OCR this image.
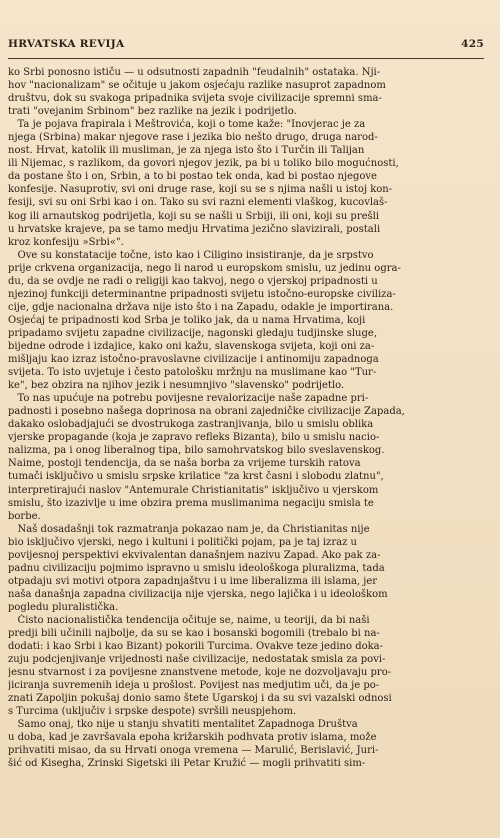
HRVATSKA REVIJA	425
ko Srbi ponosno ističu — u odsutnosti zapadnih "feudalnih" ostataka. Nji-
hov "nacionalizam" se očituje u jakom osjećaju razlike nasuprot zapadnom
društvu, dok su svakoga pripadnika svijeta svoje civilizacije spremni sma-
trati "ovejanim Srbinom" bez razlike na jezik i podrijetlo.
Ta je pojava frapirala i Meštrovića, koji o tome kaže: "Inovjerac je za
njega (Srbina) makar njegove rase i jezika bio nešto drugo, druga narod-
nost. Hrvat, katolik ili musliman, je za njega isto što i Turčin ili Talijan
ili Nijemac, s razlikom, da govori njegov jezik, pa bi u toliko bilo mogućnosti,
da postane što i on, Srbin, a to bi postao tek onda, kad bi postao njegove
konfesije. Nasuprotiv, svi oni druge rase, koji su se s njima našli u istoj kon-
fesiji, svi su oni Srbi kao i on. Tako su svi razni elementi vlaškog, kucovlaš-
kog ili arnautskog podrijetla, koji su se našli u Srbiji, ili oni, koji su prešli
u hrvatske krajeve, pa se tamo medju Hrvatima jezično slavizirali, postali
kroz konfesiju »Srbi«".
Ove su konstatacije točne, isto kao i Ciligino insistiranje, da je srpstvo
prije crkvena organizacija, nego li narod u europskom smislu, uz jedinu ogra-
du, da se ovdje ne radi o religiji kao takvoj, nego o vjerskoj pripadnosti u
njezinoj funkciji determinantne pripadnosti svijetu istočno-europske civiliza-
cije, gdje nacionalna država nije isto što i na Zapadu, odakle je importirana.
Osjećaj te pripadnosti kod Srba je toliko jak, da u nama Hrvatima, koji
pripadamo svijetu zapadne civilizacije, nagonski gledaju tudjinske sluge,
bijedne odrode i izdajice, kako oni kažu, slavenskoga svijeta, koji oni za-
mišljaju kao izraz istočno-pravoslavne civilizacije i antinomiju zapadnoga
svijeta. To isto uvjetuje i često patološku mržnju na muslimane kao "Tur-
ke", bez obzira na njihov jezik i nesumnjivo "slavensko" podrijetlo.
To nas upućuje na potrebu povijesne revalorizacije naše zapadne pri-
padnosti i posebno našega doprinosa na obrani zajedničke civilizacije Zapada,
dakako oslobadjajući se dvostrukoga zastranjivanja, bilo u smislu oblika
vjerske propagande (koja je zapravo refleks Bizanta), bilo u smislu nacio-
nalizma, pa i onog liberalnog tipa, bilo samohrvatskog bilo sveslavenskog.
Naime, postoji tendencija, da se naša borba za vrijeme turskih ratova
tumači isključivo u smislu srpske krilatice "za krst časni i slobodu zlatnu",
interpretirajući naslov "Antemurale Christianitatis" isključivo u vjerskom
smislu, što izazivlje u ime obzira prema muslimanima negaciju smisla te
borbe.
Naš dosadašnji tok razmatranja pokazao nam je, da Christianitas nije
bio isključivo vjerski, nego i kultuni i politički pojam, pa je taj izraz u
povijesnoj perspektivi ekvivalentan današnjem nazivu Zapad. Ako pak za-
padnu civilizaciju pojmimo ispravno u smislu ideološkoga pluralizma, tada
otpadaju svi motivi otpora zapadnjaštvu i u ime liberalizma ili islama, jer
naša današnja zapadna civilizacija nije vjerska, nego lajička i u ideološkom
pogledu pluralistička.
Čisto nacionalistička tendencija očituje se, naime, u teoriji, da bi naši
predji bili učinili najbolje, da su se kao i bosanski bogomili (trebalo bi na-
dodati: i kao Srbi i kao Bizant) pokorili Turcima. Ovakve teze jedino doka-
zuju podcjenjivanje vrijednosti naše civilizacije, nedostatak smisla za povi-
jesnu stvarnost i za povijesne znanstvene metode, koje ne dozvoljavaju pro-
jiciranja suvremenih ideja u prošlost. Povijest nas medjutim uči, da je po-
znati Zapoljin pokušaj donio samo štete Ugarskoj i da su svi vazalski odnosi
s Turcima (uključiv i srpske despote) svršili neuspjehom.
Samo onaj, tko nije u stanju shvatiti mentalitet Zapadnoga Društva
u doba, kad je završavala epoha križarskih podhvata protiv islama, može
prihvatiti misao, da su Hrvati onoga vremena — Marulić, Berislavić, Juri-
šić od Kisegha, Zrinski Sigetski ili Petar Kružić — mogli prihvatiti sim-
